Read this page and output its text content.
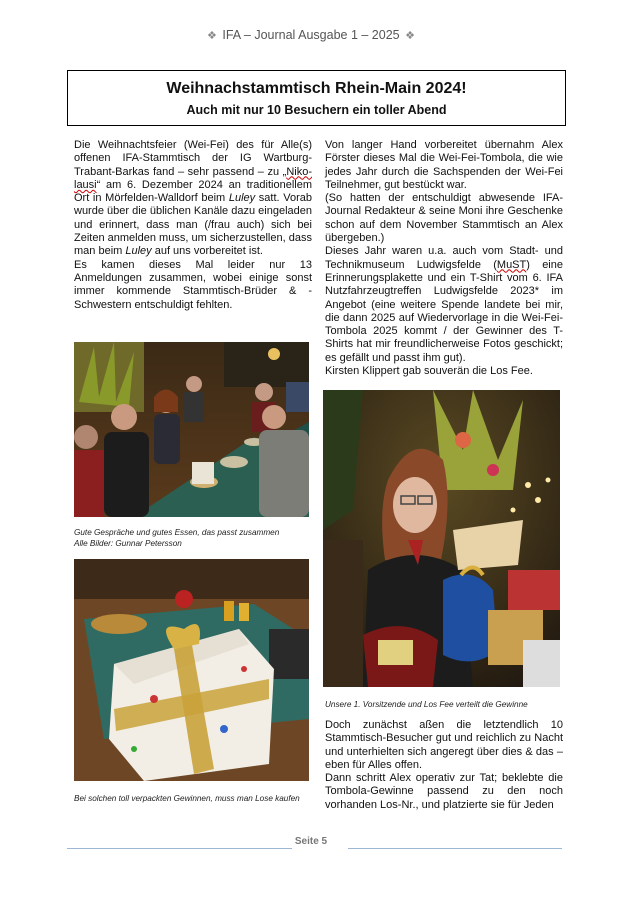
❖ IFA – Journal Ausgabe 1 – 2025 ❖
Weihnachstammtisch Rhein-Main 2024!
Auch mit nur 10 Besuchern ein toller Abend

Die Weihnachtsfeier (Wei-Fei) des für Alle(s) offenen IFA-Stammtisch der IG Wartburg-Trabant-Barkas fand – sehr passend – zu „Niko-lausi“ am 6. Dezember 2024 an traditionellem Ort in Mörfelden-Walldorf beim Luley satt. Vorab wurde über die üblichen Kanäle dazu eingeladen und erinnert, dass man (/frau auch) sich bei Zeiten anmelden muss, um sicherzustellen, dass man beim Luley auf uns vorbereitet ist.

Es kamen dieses Mal leider nur 13 Anmeldungen zusammen, wobei einige sonst immer kommende Stammtisch-Brüder & -Schwestern entschuldigt fehlten.

Gute Gespräche und gutes Essen, das passt zusammen
Alle Bilder: Gunnar Petersson
Bei solchen toll verpackten Gewinnen, muss man Lose kaufen

Von langer Hand vorbereitet übernahm Alex Förster dieses Mal die Wei-Fei-Tombola, die wie jedes Jahr durch die Sachspenden der Wei-Fei Teilnehmer, gut bestückt war.

(So hatten der entschuldigt abwesende IFA-Journal Redakteur & seine Moni ihre Geschenke schon auf dem November Stammtisch an Alex übergeben.)

Dieses Jahr waren u.a. auch vom Stadt- und Technikmuseum Ludwigsfelde (MuST) eine Erinnerungsplakette und ein T-Shirt vom 6. IFA Nutzfahrzeugtreffen Ludwigsfelde 2023* im Angebot (eine weitere Spende landete bei mir, die dann 2025 auf Wiedervorlage in die Wei-Fei-Tombola 2025 kommt / der Gewinner des T-Shirts hat mir freundlicherweise Fotos geschickt; es gefällt und passt ihm gut).

Kirsten Klippert gab souverän die Los Fee.

Unsere 1. Vorsitzende und Los Fee verteilt die Gewinne

Doch zunächst aßen die letztendlich 10 Stammtisch-Besucher gut und reichlich zu Nacht und unterhielten sich angeregt über dies & das – eben für Alles offen.

Dann schritt Alex operativ zur Tat; beklebte die Tombola-Gewinne passend zu den noch vorhanden Los-Nr., und platzierte sie für Jeden

Seite 5
